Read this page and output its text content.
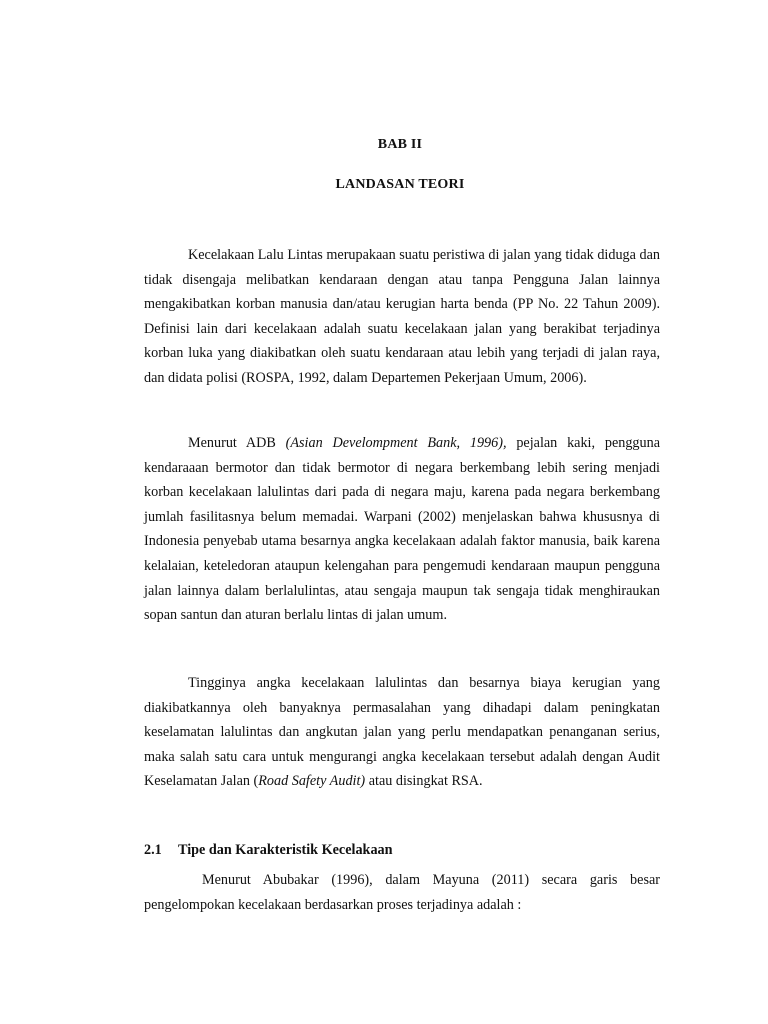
BAB II
LANDASAN TEORI

Kecelakaan Lalu Lintas merupakaan suatu peristiwa di jalan yang tidak diduga dan tidak disengaja melibatkan kendaraan dengan atau tanpa Pengguna Jalan lainnya mengakibatkan korban manusia dan/atau kerugian harta benda (PP No. 22 Tahun 2009). Definisi lain dari kecelakaan adalah suatu kecelakaan jalan yang berakibat terjadinya korban luka yang diakibatkan oleh suatu kendaraan atau lebih yang terjadi di jalan raya, dan didata polisi (ROSPA, 1992, dalam Departemen Pekerjaan Umum, 2006).

Menurut ADB (Asian Develompment Bank, 1996), pejalan kaki, pengguna kendaraaan bermotor dan tidak bermotor di negara berkembang lebih sering menjadi korban kecelakaan lalulintas dari pada di negara maju, karena pada negara berkembang jumlah fasilitasnya belum memadai. Warpani (2002) menjelaskan bahwa khususnya di Indonesia penyebab utama besarnya angka kecelakaan adalah faktor manusia, baik karena kelalaian, keteledoran ataupun kelengahan para pengemudi kendaraan maupun pengguna jalan lainnya dalam berlalulintas, atau sengaja maupun tak sengaja tidak menghiraukan sopan santun dan aturan berlalu lintas di jalan umum.

Tingginya angka kecelakaan lalulintas dan besarnya biaya kerugian yang diakibatkannya oleh banyaknya permasalahan yang dihadapi dalam peningkatan keselamatan lalulintas dan angkutan jalan yang perlu mendapatkan penanganan serius, maka salah satu cara untuk mengurangi angka kecelakaan tersebut adalah dengan Audit Keselamatan Jalan (Road Safety Audit) atau disingkat RSA.

2.1 Tipe dan Karakteristik Kecelakaan

Menurut Abubakar (1996), dalam Mayuna (2011) secara garis besar pengelompokan kecelakaan berdasarkan proses terjadinya adalah :
